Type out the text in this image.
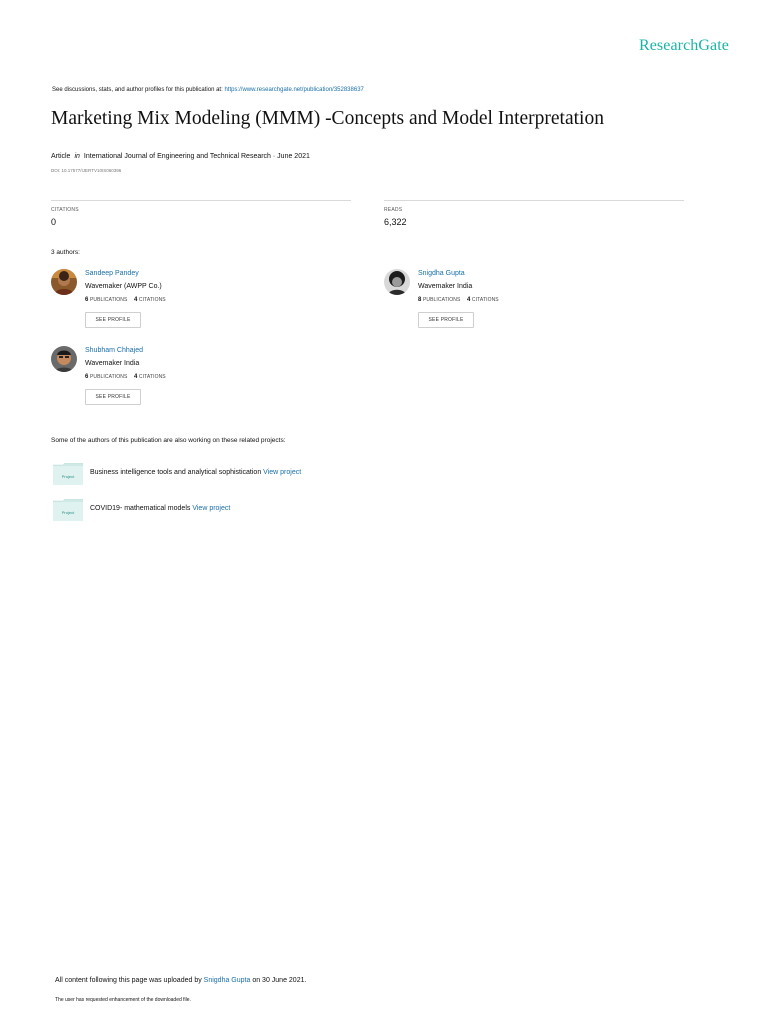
ResearchGate
See discussions, stats, and author profiles for this publication at: https://www.researchgate.net/publication/352838637
Marketing Mix Modeling (MMM) -Concepts and Model Interpretation
Article in International Journal of Engineering and Technical Research · June 2021
DOI: 10.17577/IJERTV10IS060396
CITATIONS
0
READS
6,322
3 authors:
Sandeep Pandey
Wavemaker (AWPP Co.)
6 PUBLICATIONS 4 CITATIONS
SEE PROFILE
Snigdha Gupta
Wavemaker India
8 PUBLICATIONS 4 CITATIONS
SEE PROFILE
Shubham Chhajed
Wavemaker India
6 PUBLICATIONS 4 CITATIONS
SEE PROFILE
Some of the authors of this publication are also working on these related projects:
Project
Business intelligence tools and analytical sophistication View project
Project
COVID19- mathematical models View project
All content following this page was uploaded by Snigdha Gupta on 30 June 2021.
The user has requested enhancement of the downloaded file.
